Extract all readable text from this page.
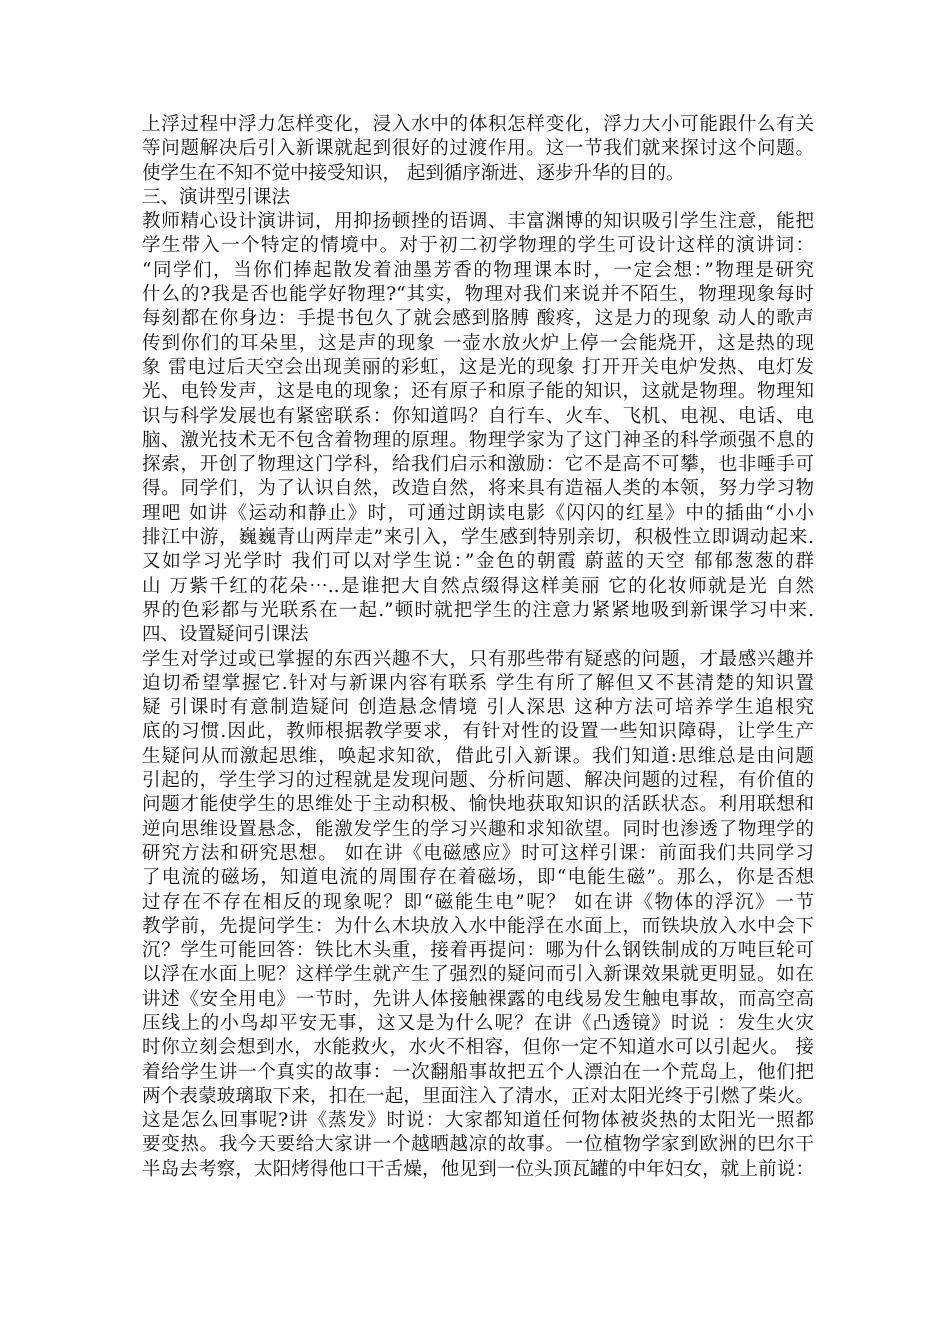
上浮过程中浮力怎样变化，浸入水中的体积怎样变化，浮力大小可能跟什么有关
等问题解决后引入新课就起到很好的过渡作用。这一节我们就来探讨这个问题。
使学生在不知不觉中接受知识， 起到循序渐进、逐步升华的目的。
三、演讲型引课法
教师精心设计演讲词，用抑扬顿挫的语调、丰富渊博的知识吸引学生注意，能把
学生带入一个特定的情境中。对于初二初学物理的学生可设计这样的演讲词：
“同学们，当你们捧起散发着油墨芳香的物理课本时，一定会想：”物理是研究
什么的?我是否也能学好物理?“其实，物理对我们来说并不陌生，物理现象每时
每刻都在你身边：手提书包久了就会感到胳膊 酸疼，这是力的现象 动人的歌声
传到你们的耳朵里，这是声的现象 一壶水放火炉上停一会能烧开，这是热的现
象 雷电过后天空会出现美丽的彩虹，这是光的现象 打开开关电炉发热、电灯发
光、电铃发声，这是电的现象；还有原子和原子能的知识，这就是物理。物理知
识与科学发展也有紧密联系：你知道吗？自行车、火车、飞机、电视、电话、电
脑、激光技术无不包含着物理的原理。物理学家为了这门神圣的科学顽强不息的
探索，开创了物理这门学科，给我们启示和激励：它不是高不可攀，也非唾手可
得。同学们，为了认识自然，改造自然，将来具有造福人类的本领，努力学习物
理吧 如讲《运动和静止》时，可通过朗读电影《闪闪的红星》中的插曲“小小
排江中游，巍巍青山两岸走”来引入，学生感到特别亲切，积极性立即调动起来.
又如学习光学时 我们可以对学生说：”金色的朝霞 蔚蓝的天空 郁郁葱葱的群
山 万紫千红的花朵⋯..是谁把大自然点缀得这样美丽 它的化妆师就是光 自然
界的色彩都与光联系在一起.”顿时就把学生的注意力紧紧地吸到新课学习中来.
四、设置疑问引课法
学生对学过或已掌握的东西兴趣不大，只有那些带有疑惑的问题，才最感兴趣并
迫切希望掌握它.针对与新课内容有联系 学生有所了解但又不甚清楚的知识置
疑 引课时有意制造疑问 创造悬念情境 引人深思 这种方法可培养学生追根究
底的习惯.因此，教师根据教学要求，有针对性的设置一些知识障碍，让学生产
生疑问从而激起思维，唤起求知欲，借此引入新课。我们知道:思维总是由问题
引起的，学生学习的过程就是发现问题、分析问题、解决问题的过程，有价值的
问题才能使学生的思维处于主动积极、愉快地获取知识的活跃状态。利用联想和
逆向思维设置悬念，能激发学生的学习兴趣和求知欲望。同时也渗透了物理学的
研究方法和研究思想。 如在讲《电磁感应》时可这样引课：前面我们共同学习
了电流的磁场，知道电流的周围存在着磁场，即“电能生磁”。那么，你是否想
过存在不存在相反的现象呢？即“磁能生电”呢？ 如在讲《物体的浮沉》一节
教学前，先提问学生：为什么木块放入水中能浮在水面上，而铁块放入水中会下
沉？学生可能回答：铁比木头重，接着再提问：哪为什么钢铁制成的万吨巨轮可
以浮在水面上呢？这样学生就产生了强烈的疑问而引入新课效果就更明显。如在
讲述《安全用电》一节时，先讲人体接触裸露的电线易发生触电事故，而高空高
压线上的小鸟却平安无事，这又是为什么呢？在讲《凸透镜》时说 ：发生火灾
时你立刻会想到水，水能救火，水火不相容，但你一定不知道水可以引起火。 接
着给学生讲一个真实的故事：一次翻船事故把五个人漂泊在一个荒岛上，他们把
两个表蒙玻璃取下来，扣在一起，里面注入了清水，正对太阳光终于引燃了柴火。
这是怎么回事呢?讲《蒸发》时说：大家都知道任何物体被炎热的太阳光一照都
要变热。我今天要给大家讲一个越晒越凉的故事。一位植物学家到欧洲的巴尔干
半岛去考察，太阳烤得他口干舌燥，他见到一位头顶瓦罐的中年妇女，就上前说：
